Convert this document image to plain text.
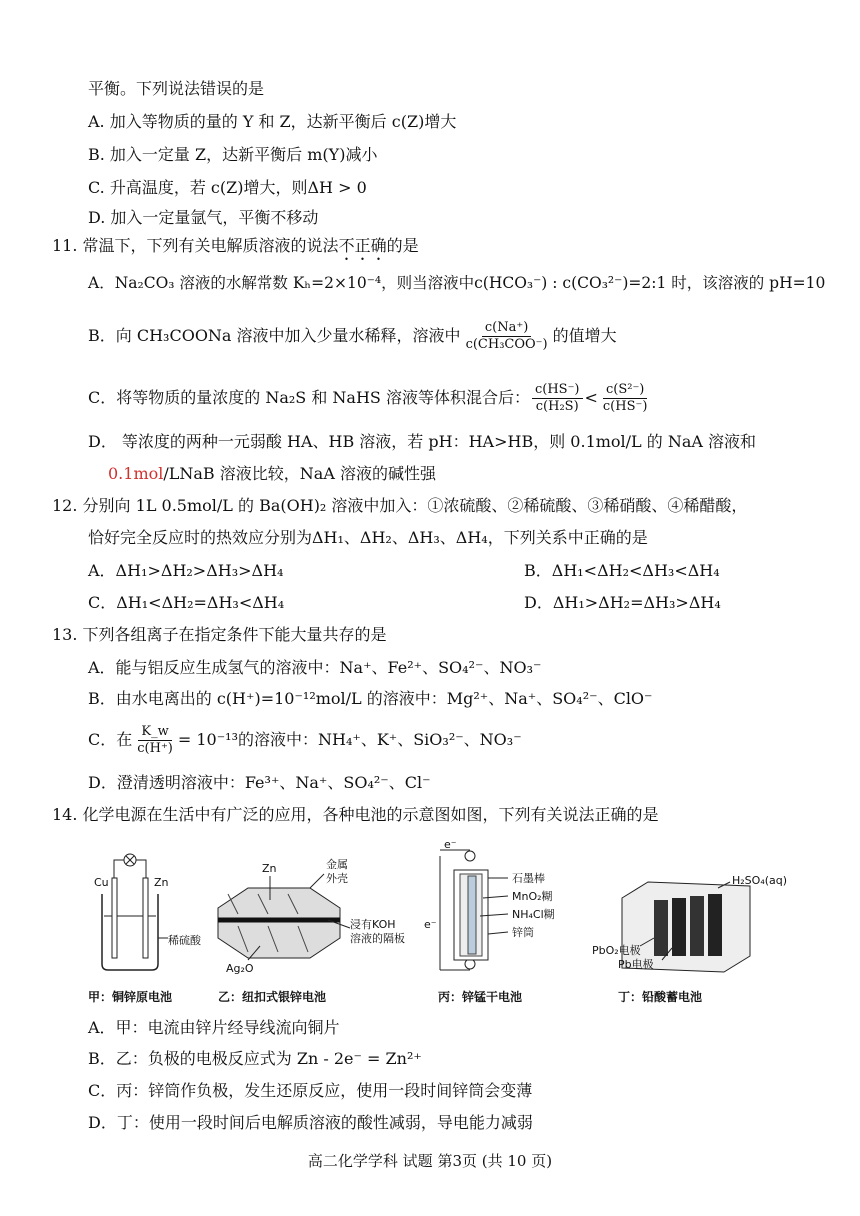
平衡。下列说法错误的是
A. 加入等物质的量的 Y 和 Z，达新平衡后 c(Z)增大
B. 加入一定量 Z，达新平衡后 m(Y)减小
C. 升高温度，若 c(Z)增大，则ΔH > 0
D. 加入一定量氩气，平衡不移动
11. 常温下，下列有关电解质溶液的说法不正确的是
A．Na₂CO₃ 溶液的水解常数 Kₕ=2×10⁻⁴，则当溶液中c(HCO₃⁻) : c(CO₃²⁻)=2:1 时，该溶液的 pH=10
B．向 CH₃COONa 溶液中加入少量水稀释，溶液中 $\frac{c(Na^+)}{\text{c(CH₃COO⁻)}}$ 的值增大
C．将等物质的量浓度的 Na₂S 和 NaHS 溶液等体积混合后： $\frac{c(HS^-)}{\text{c(H₂S)}} < \frac{\text{c(S²⁻)}}{c(HS^-)}$
D． 等浓度的两种一元弱酸 HA、HB 溶液，若 pH：HA>HB，则 0.1mol/L 的 NaA 溶液和
0.1mol/LNaB 溶液比较，NaA 溶液的碱性强
12. 分别向 1L 0.5mol/L 的 Ba(OH)₂ 溶液中加入：①浓硫酸、②稀硫酸、③稀硝酸、④稀醋酸，
恰好完全反应时的热效应分别为ΔH₁、ΔH₂、ΔH₃、ΔH₄，下列关系中正确的是
A．ΔH₁>ΔH₂>ΔH₃>ΔH₄	B．ΔH₁<ΔH₂<ΔH₃<ΔH₄
C．ΔH₁<ΔH₂=ΔH₃<ΔH₄	D．ΔH₁>ΔH₂=ΔH₃>ΔH₄
13. 下列各组离子在指定条件下能大量共存的是
A．能与铝反应生成氢气的溶液中：Na⁺、Fe²⁺、SO₄²⁻、NO₃⁻
B．由水电离出的 c(H⁺)=10⁻¹²mol/L 的溶液中：Mg²⁺、Na⁺、SO₄²⁻、ClO⁻
C．在 $\frac{K\_w}{c(H^+)} = 10^{-13}$的溶液中：NH₄⁺、K⁺、SiO₃²⁻、NO₃⁻
D．澄清透明溶液中：Fe³⁺、Na⁺、SO₄²⁻、Cl⁻
14. 化学电源在生活中有广泛的应用，各种电池的示意图如图，下列有关说法正确的是
Cu	Zn
稀硫酸
甲：铜锌原电池
Zn	金属
外壳
浸有KOH
溶液的隔板
Ag₂O
乙：纽扣式银锌电池
e⁻
e⁻
石墨棒
MnO₂糊
NH₄Cl糊
锌筒
丙：锌锰干电池
H₂SO₄(aq)
PbO₂电极
Pb电极
丁：铅酸蓄电池
A．甲：电流由锌片经导线流向铜片
B．乙：负极的电极反应式为 Zn - 2e⁻ = Zn²⁺
C．丙：锌筒作负极，发生还原反应，使用一段时间锌筒会变薄
D．丁：使用一段时间后电解质溶液的酸性减弱，导电能力减弱
高二化学学科 试题 第3页 (共 10 页)
